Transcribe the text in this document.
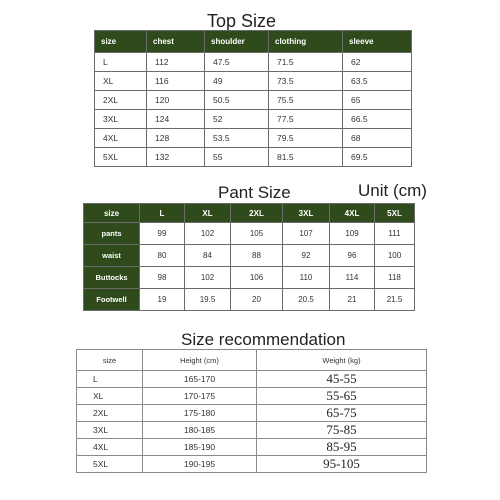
Top Size
size	chest	shoulder	clothing	sleeve
L	112	47.5	71.5	62
XL	116	49	73.5	63.5
2XL	120	50.5	75.5	65
3XL	124	52	77.5	66.5
4XL	128	53.5	79.5	68
5XL	132	55	81.5	69.5
Pant Size	Unit (cm)
size	L	XL	2XL	3XL	4XL	5XL
pants	99	102	105	107	109	111
waist	80	84	88	92	96	100
Buttocks	98	102	106	110	114	118
Footwell	19	19.5	20	20.5	21	21.5
Size recommendation
size	Height (cm)	Weight (kg)
L	165-170	45-55
XL	170-175	55-65
2XL	175-180	65-75
3XL	180-185	75-85
4XL	185-190	85-95
5XL	190-195	95-105
